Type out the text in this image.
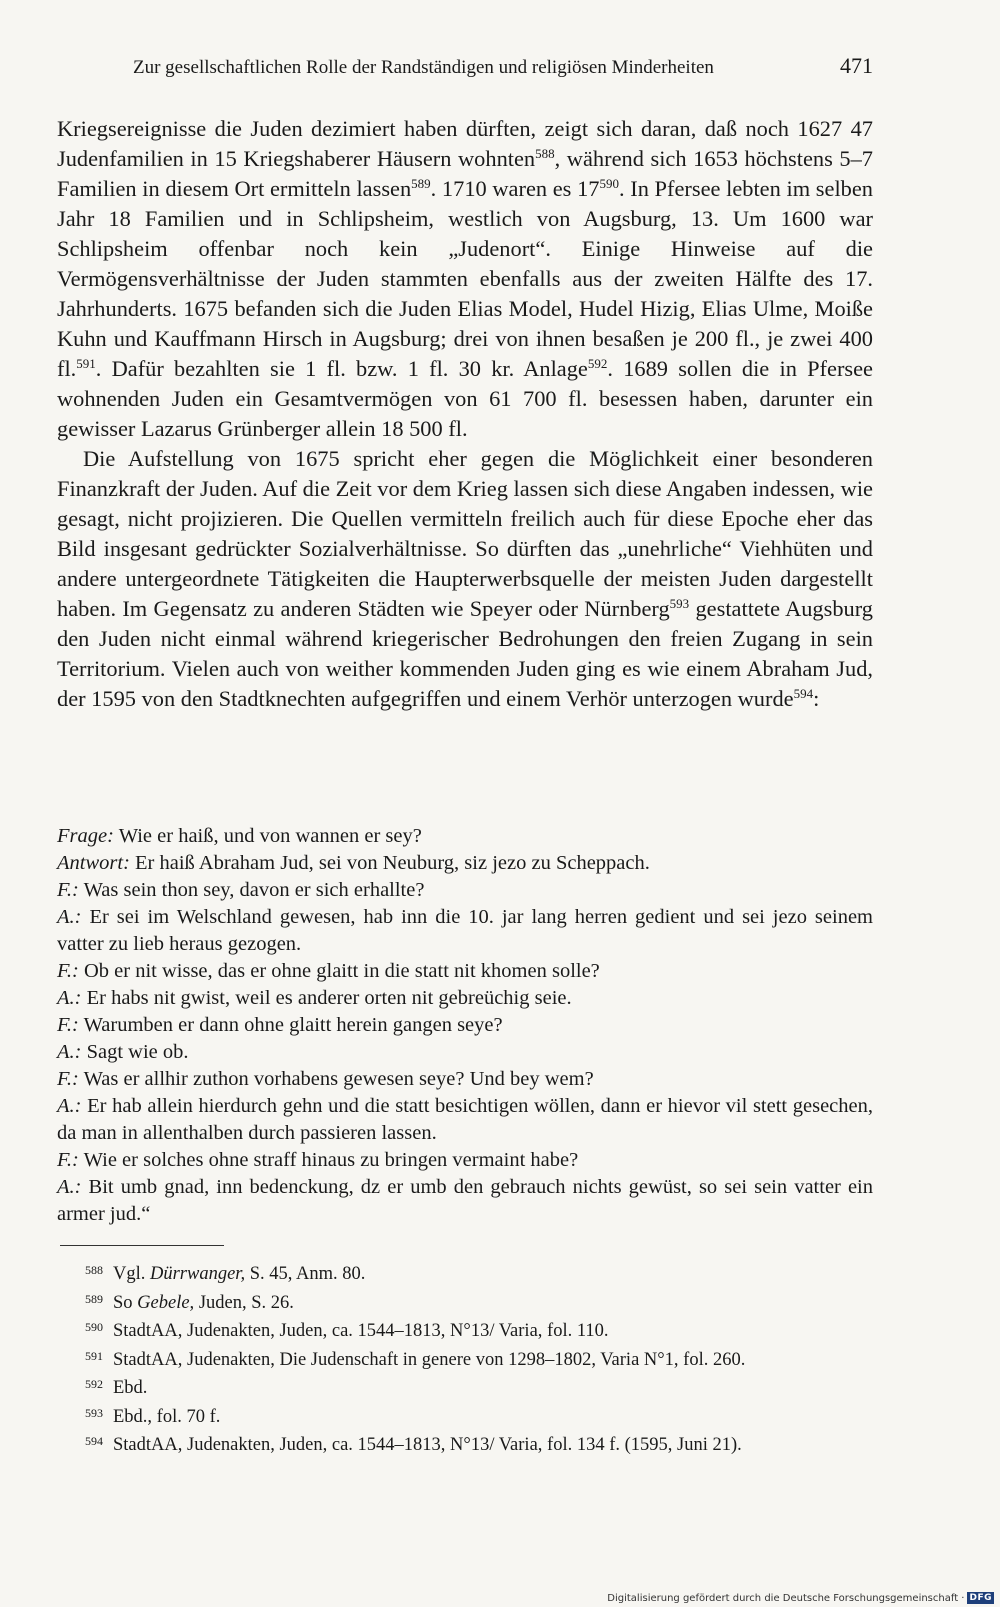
Zur gesellschaftlichen Rolle der Randständigen und religiösen Minderheiten	471

Kriegsereignisse die Juden dezimiert haben dürften, zeigt sich daran, daß noch 1627 47 Judenfamilien in 15 Kriegshaberer Häusern wohnten$^{588}$, während sich 1653 höchstens 5–7 Familien in diesem Ort ermitteln lassen$^{589}$. 1710 waren es $17^{590}$. In Pfersee lebten im selben Jahr 18 Familien und in Schlipsheim, westlich von Augsburg, 13. Um 1600 war Schlipsheim offenbar noch kein „Judenort“. Einige Hinweise auf die Vermögensverhältnisse der Juden stammten ebenfalls aus der zweiten Hälfte des 17. Jahrhunderts. 1675 befanden sich die Juden Elias Model, Hudel Hizig, Elias Ulme, Moiße Kuhn und Kauffmann Hirsch in Augsburg; drei von ihnen besaßen je 200 fl., je zwei 400 fl.$^{591}$. Dafür bezahlten sie 1 fl. bzw. 1 fl. 30 kr. Anlage$^{592}$. 1689 sollen die in Pfersee wohnenden Juden ein Gesamtvermögen von 61 700 fl. besessen haben, darunter ein gewisser Lazarus Grünberger allein 18 500 fl.

Die Aufstellung von 1675 spricht eher gegen die Möglichkeit einer besonderen Finanzkraft der Juden. Auf die Zeit vor dem Krieg lassen sich diese Angaben indessen, wie gesagt, nicht projizieren. Die Quellen vermitteln freilich auch für diese Epoche eher das Bild insgesant gedrückter Sozialverhältnisse. So dürften das „unehrliche“ Viehhüten und andere untergeordnete Tätigkeiten die Haupterwerbsquelle der meisten Juden dargestellt haben. Im Gegensatz zu anderen Städten wie Speyer oder Nürnberg$^{593}$ gestattete Augsburg den Juden nicht einmal während kriegerischer Bedrohungen den freien Zugang in sein Territorium. Vielen auch von weither kommenden Juden ging es wie einem Abraham Jud, der 1595 von den Stadtknechten aufgegriffen und einem Verhör unterzogen wurde$^{594}$:

Frage: Wie er haiß, und von wannen er sey?

Antwort: Er haiß Abraham Jud, sei von Neuburg, siz jezo zu Scheppach.

F.: Was sein thon sey, davon er sich erhallte?

A.: Er sei im Welschland gewesen, hab inn die 10. jar lang herren gedient und sei jezo seinem vatter zu lieb heraus gezogen.

F.: Ob er nit wisse, das er ohne glaitt in die statt nit khomen solle?

A.: Er habs nit gwist, weil es anderer orten nit gebreüchig seie.

F.: Warumben er dann ohne glaitt herein gangen seye?

A.: Sagt wie ob.

F.: Was er allhir zuthon vorhabens gewesen seye? Und bey wem?

A.: Er hab allein hierdurch gehn und die statt besichtigen wöllen, dann er hievor vil stett gesechen, da man in allenthalben durch passieren lassen.

F.: Wie er solches ohne straff hinaus zu bringen vermaint habe?

A.: Bit umb gnad, inn bedenckung, dz er umb den gebrauch nichts gewüst, so sei sein vatter ein armer jud.“

588 Vgl. Dürrwanger, S. 45, Anm. 80.

589 So Gebele, Juden, S. 26.

590 StadtAA, Judenakten, Juden, ca. 1544–1813, N°13/ Varia, fol. 110.

591 StadtAA, Judenakten, Die Judenschaft in genere von 1298–1802, Varia N°1, fol. 260.

592 Ebd.

593 Ebd., fol. 70 f.

594 StadtAA, Judenakten, Juden, ca. 1544–1813, N°13/ Varia, fol. 134 f. (1595, Juni 21).

Digitalisierung gefördert durch die Deutsche Forschungsgemeinschaft · DFG
